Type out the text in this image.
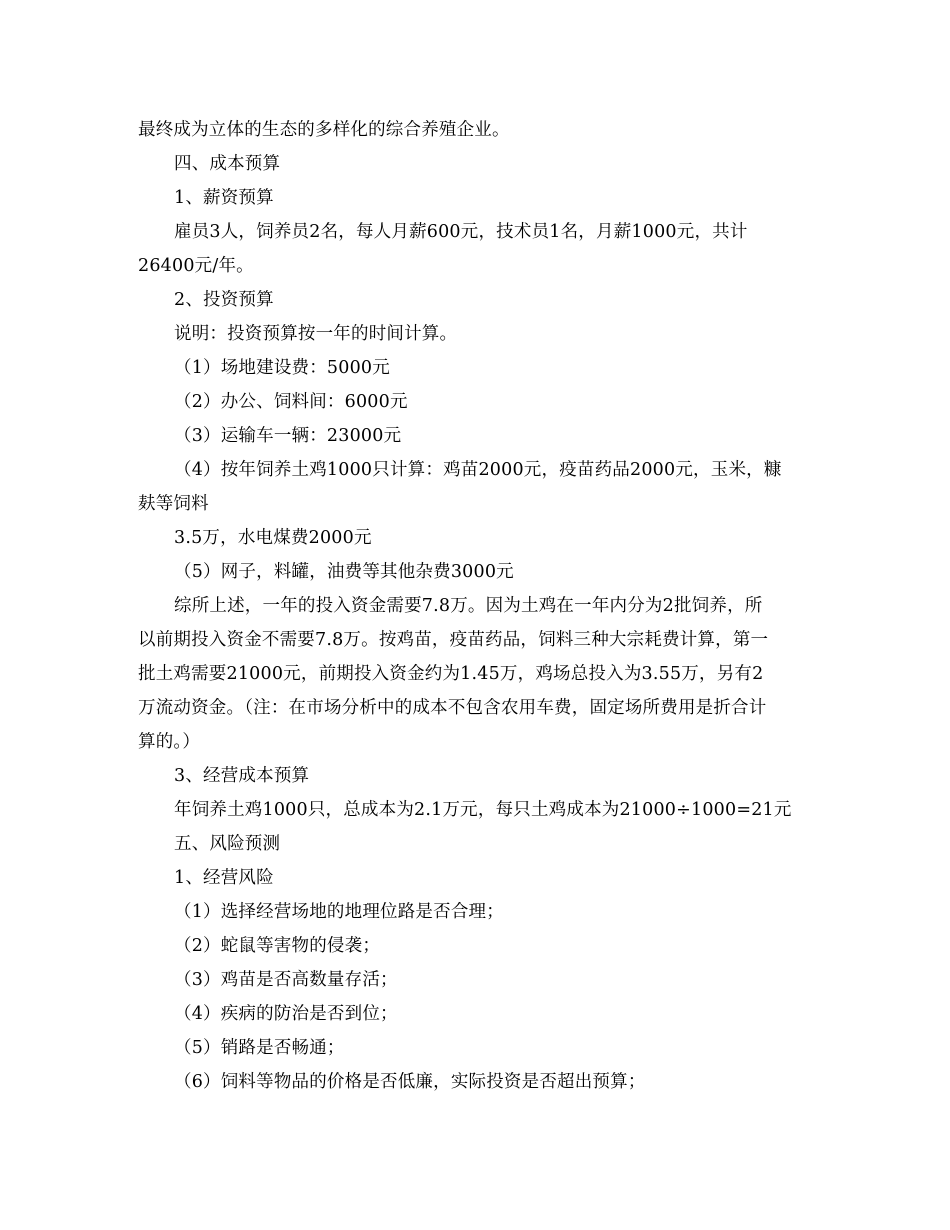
最终成为立体的生态的多样化的综合养殖企业。
四、成本预算
1、薪资预算
雇员3人，饲养员2名，每人月薪600元，技术员1名，月薪1000元，共计
26400元/年。
2、投资预算
说明：投资预算按一年的时间计算。
（1）场地建设费：5000元
（2）办公、饲料间：6000元
（3）运输车一辆：23000元
（4）按年饲养土鸡1000只计算：鸡苗2000元，疫苗药品2000元，玉米，糠
麸等饲料
3.5万，水电煤费2000元
（5）网子，料罐，油费等其他杂费3000元
综所上述，一年的投入资金需要7.8万。因为土鸡在一年内分为2批饲养，所
以前期投入资金不需要7.8万。按鸡苗，疫苗药品，饲料三种大宗耗费计算，第一
批土鸡需要21000元，前期投入资金约为1.45万，鸡场总投入为3.55万，另有2
万流动资金。（注：在市场分析中的成本不包含农用车费，固定场所费用是折合计
算的。）
3、经营成本预算
年饲养土鸡1000只，总成本为2.1万元，每只土鸡成本为21000÷1000=21元
五、风险预测
1、经营风险
（1）选择经营场地的地理位路是否合理；
（2）蛇鼠等害物的侵袭；
（3）鸡苗是否高数量存活；
（4）疾病的防治是否到位；
（5）销路是否畅通；
（6）饲料等物品的价格是否低廉，实际投资是否超出预算；
